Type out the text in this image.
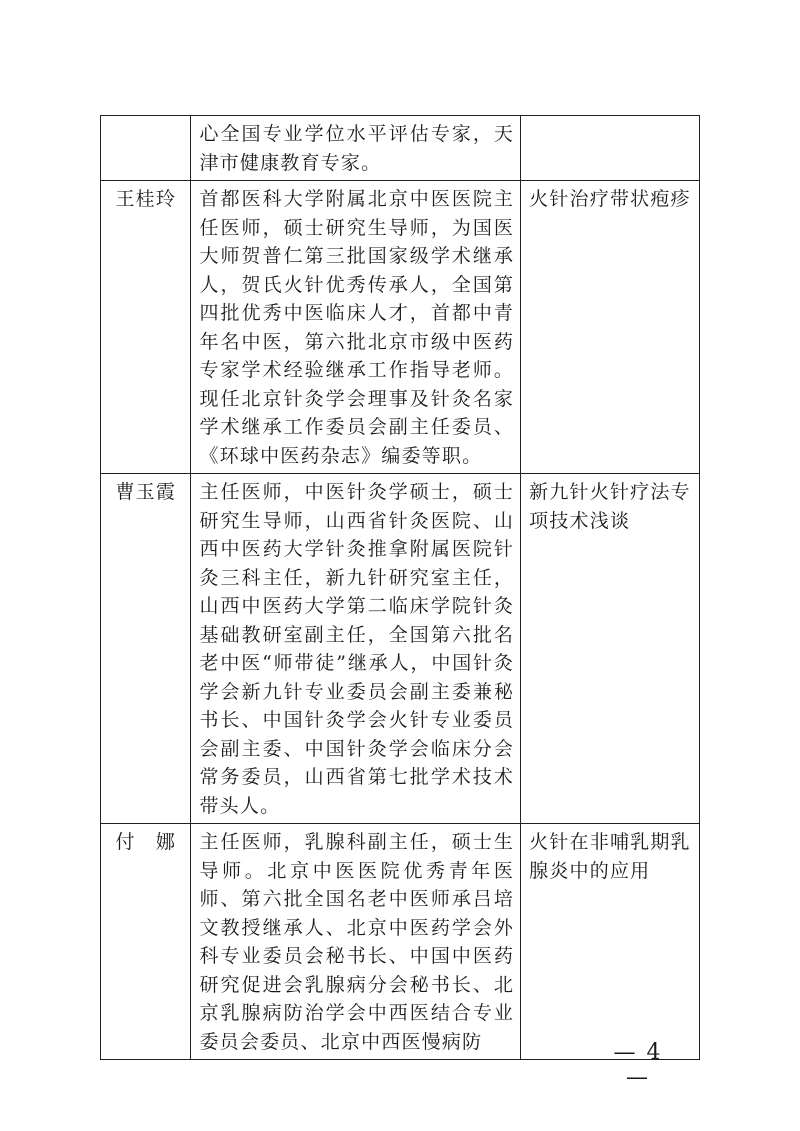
	心全国专业学位水平评估专家，天津市健康教育专家。	
王桂玲	首都医科大学附属北京中医医院主任医师，硕士研究生导师，为国医大师贺普仁第三批国家级学术继承人，贺氏火针优秀传承人，全国第四批优秀中医临床人才，首都中青年名中医，第六批北京市级中医药专家学术经验继承工作指导老师。现任北京针灸学会理事及针灸名家学术继承工作委员会副主任委员、《环球中医药杂志》编委等职。	火针治疗带状疱疹
曹玉霞	主任医师，中医针灸学硕士，硕士研究生导师，山西省针灸医院、山西中医药大学针灸推拿附属医院针灸三科主任，新九针研究室主任，山西中医药大学第二临床学院针灸基础教研室副主任，全国第六批名老中医“师带徒”继承人，中国针灸学会新九针专业委员会副主委兼秘书长、中国针灸学会火针专业委员会副主委、中国针灸学会临床分会常务委员，山西省第七批学术技术带头人。	新九针火针疗法专项技术浅谈
付　娜	主任医师，乳腺科副主任，硕士生导师。北京中医医院优秀青年医师、第六批全国名老中医师承吕培文教授继承人、北京中医药学会外科专业委员会秘书长、中国中医药研究促进会乳腺病分会秘书长、北京乳腺病防治学会中西医结合专业委员会委员、北京中西医慢病防	火针在非哺乳期乳腺炎中的应用
— 4 —
